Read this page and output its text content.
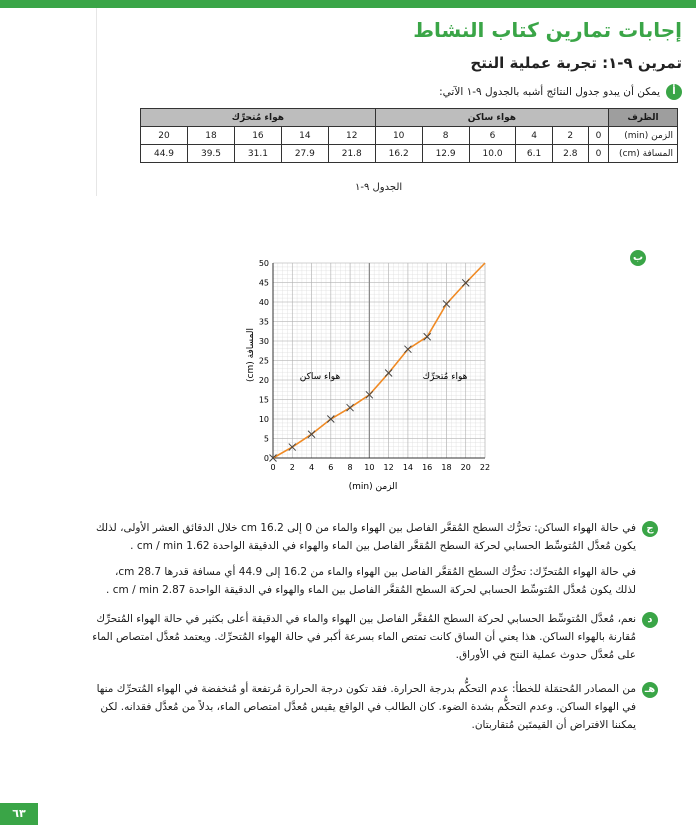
إجابات تمارين كتاب النشاط
تمرين ٩-١: تجربة عملية النتح
أ
يمكن أن يبدو جدول النتائج أشبه بالجدول ٩-١ الآتي:
الظرف	هواء ساكن						هواء مُتحرِّك				
الزمن (min)	0	2	4	6	8	10	12	14	16	18	20
المسافة (cm)	0	2.8	6.1	10.0	12.9	16.2	21.8	27.9	31.1	39.5	44.9
الجدول ٩-١
ب
0 2 4 6 8 10 12 14 16 18 20 22
0
5
10
15
20
25
30
35
40
45
50
الزمن (min)
المسافة (cm)
هواء ساكن	هواء مُتحرِّك
ج
في حالة الهواء الساكن: تحرُّك السطح المُقعَّر الفاصل بين الهواء والماء من 0 إلى 16.2 cm خلال الدقائق العشر الأولى، لذلك
يكون مُعدَّل المُتوسِّط الحسابي لحركة السطح المُقعَّر الفاصل بين الماء والهواء في الدقيقة الواحدة 1.62 cm / min .
في حالة الهواء المُتحرِّك: تحرُّك السطح المُقعَّر الفاصل بين الهواء والماء من 16.2 إلى 44.9 أي مسافة قدرها 28.7 cm،
لذلك يكون مُعدَّل المُتوسِّط الحسابي لحركة السطح المُقعَّر الفاصل بين الماء والهواء في الدقيقة الواحدة 2.87 cm / min .
د
نعم، مُعدَّل المُتوسِّط الحسابي لحركة السطح المُقعَّر الفاصل بين الهواء والماء في الدقيقة أعلى بكثير في حالة الهواء المُتحرِّك
مُقارنة بالهواء الساكن. هذا يعني أن الساق كانت تمتص الماء بسرعة أكبر في حالة الهواء المُتحرِّك. ويعتمد مُعدَّل امتصاص الماء
على مُعدَّل حدوث عملية النتح في الأوراق.
هـ
من المصادر المُحتمَلة للخطأ: عدم التحكُّم بدرجة الحرارة. فقد تكون درجة الحرارة مُرتفعة أو مُنخفضة في الهواء المُتحرِّك منها
في الهواء الساكن. وعدم التحكُّم بشدة الضوء. كان الطالب في الواقع يقيس مُعدَّل امتصاص الماء، بدلاً من مُعدَّل فقدانه. لكن
يمكننا الافتراض أن القيمتَين مُتقاربتان.
٦٣
